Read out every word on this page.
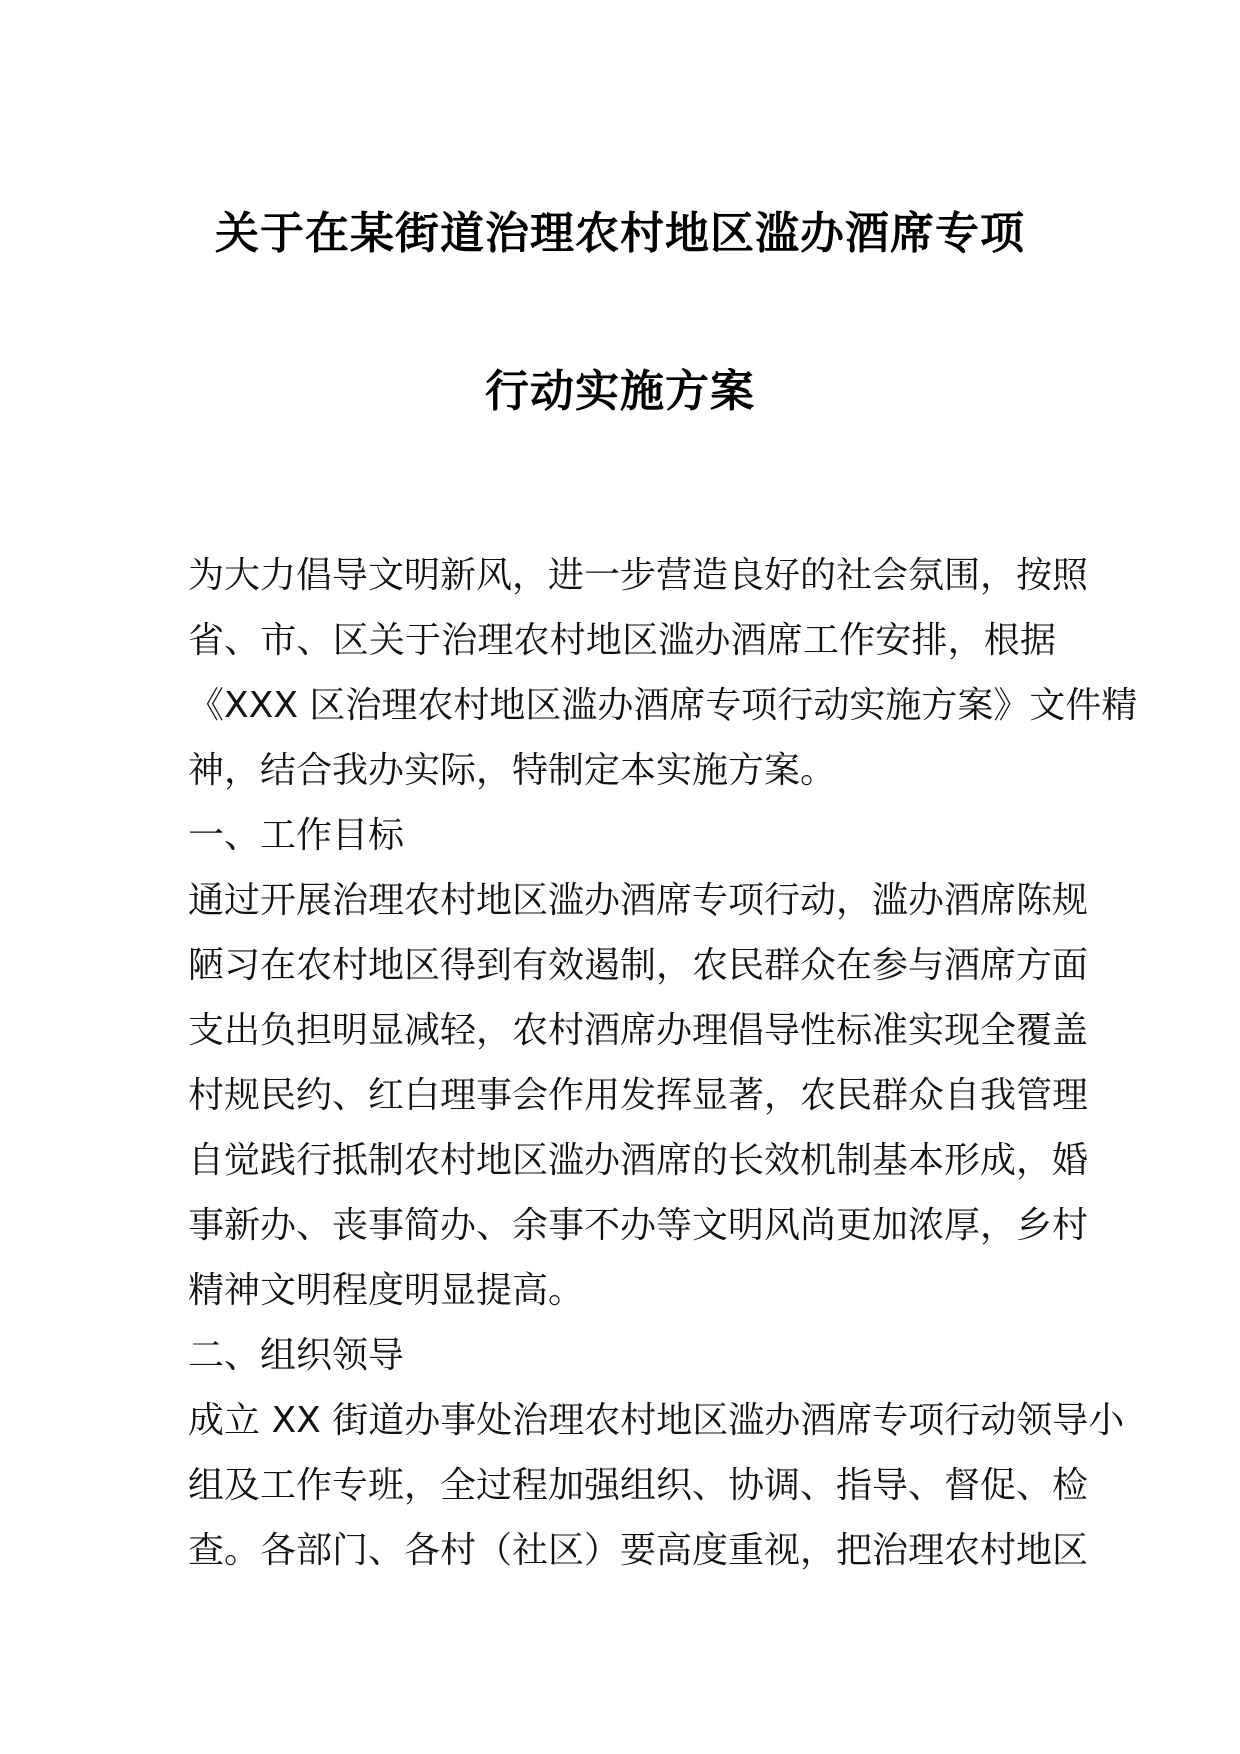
关于在某街道治理农村地区滥办酒席专项
行动实施方案
为大力倡导文明新风，进一步营造良好的社会氛围，按照
省、市、区关于治理农村地区滥办酒席工作安排，根据
《XXX 区治理农村地区滥办酒席专项行动实施方案》文件精
神，结合我办实际，特制定本实施方案。
一、工作目标
通过开展治理农村地区滥办酒席专项行动，滥办酒席陈规
陋习在农村地区得到有效遏制，农民群众在参与酒席方面
支出负担明显减轻，农村酒席办理倡导性标准实现全覆盖
村规民约、红白理事会作用发挥显著，农民群众自我管理
自觉践行抵制农村地区滥办酒席的长效机制基本形成，婚
事新办、丧事简办、余事不办等文明风尚更加浓厚，乡村
精神文明程度明显提高。
二、组织领导
成立 XX 街道办事处治理农村地区滥办酒席专项行动领导小
组及工作专班，全过程加强组织、协调、指导、督促、检
查。各部门、各村（社区）要高度重视，把治理农村地区
